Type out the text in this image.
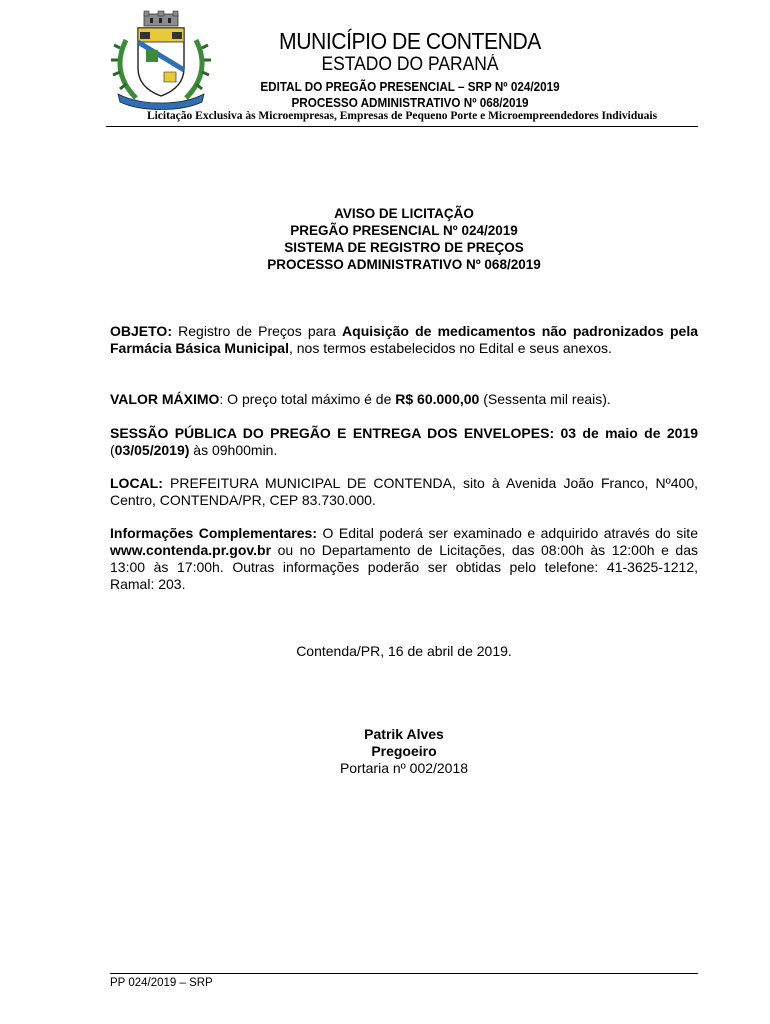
MUNICÍPIO DE CONTENDA
ESTADO DO PARANÁ
EDITAL DO PREGÃO PRESENCIAL – SRP Nº 024/2019
PROCESSO ADMINISTRATIVO Nº 068/2019
Licitação Exclusiva às Microempresas, Empresas de Pequeno Porte e Microempreendedores Individuais
AVISO DE LICITAÇÃO
PREGÃO PRESENCIAL Nº 024/2019
SISTEMA DE REGISTRO DE PREÇOS
PROCESSO ADMINISTRATIVO Nº 068/2019
OBJETO: Registro de Preços para Aquisição de medicamentos não padronizados pela Farmácia Básica Municipal, nos termos estabelecidos no Edital e seus anexos.
VALOR MÁXIMO: O preço total máximo é de R$ 60.000,00 (Sessenta mil reais).
SESSÃO PÚBLICA DO PREGÃO E ENTREGA DOS ENVELOPES: 03 de maio de 2019 (03/05/2019) às 09h00min.
LOCAL: PREFEITURA MUNICIPAL DE CONTENDA, sito à Avenida João Franco, Nº400, Centro, CONTENDA/PR, CEP 83.730.000.
Informações Complementares: O Edital poderá ser examinado e adquirido através do site www.contenda.pr.gov.br ou no Departamento de Licitações, das 08:00h às 12:00h e das 13:00 às 17:00h. Outras informações poderão ser obtidas pelo telefone: 41-3625-1212, Ramal: 203.
Contenda/PR, 16 de abril de 2019.
Patrik Alves
Pregoeiro
Portaria nº 002/2018
PP 024/2019 – SRP
